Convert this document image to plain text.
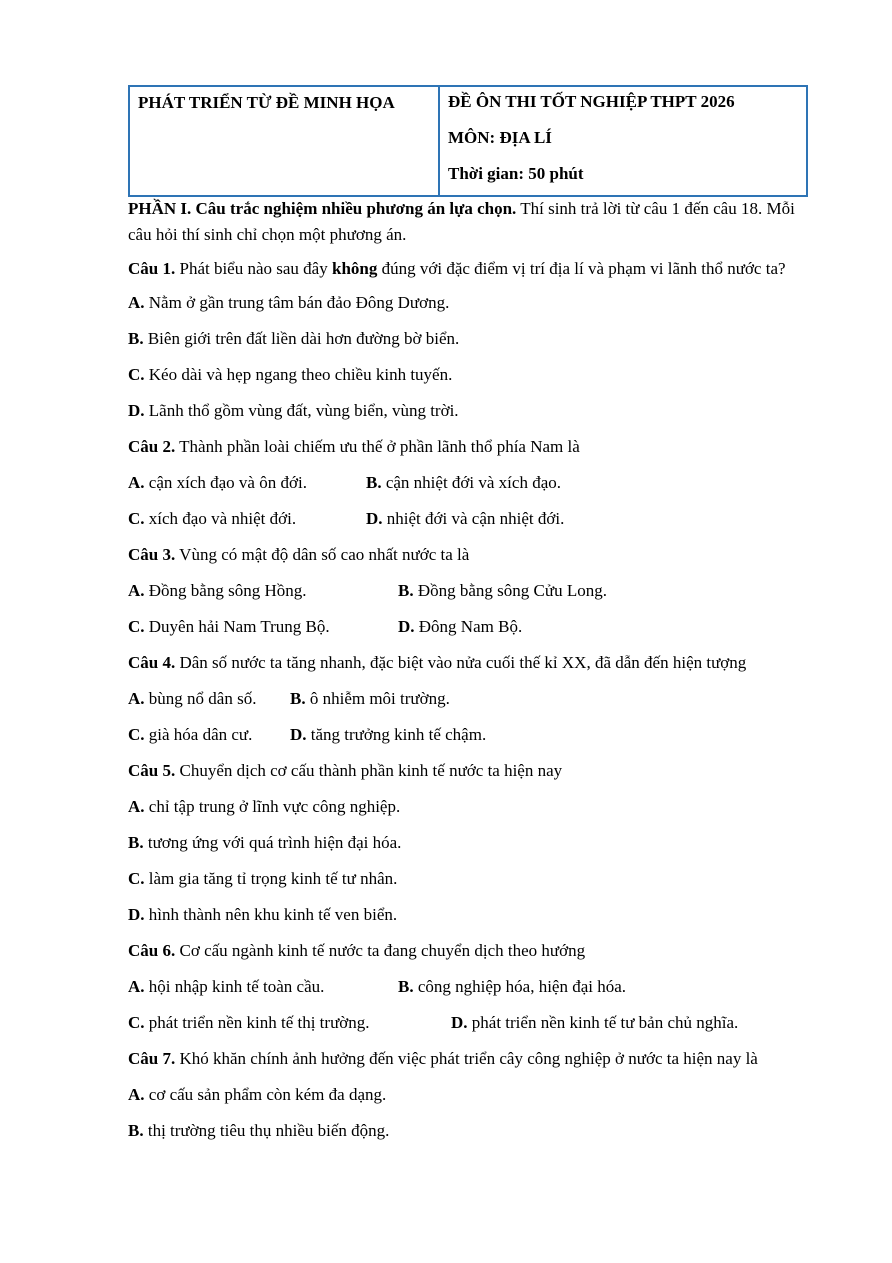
PHÁT TRIỂN TỪ ĐỀ MINH HỌA	ĐỀ ÔN THI TỐT NGHIỆP THPT 2026
MÔN: ĐỊA LÍ
Thời gian: 50 phút

PHẦN I. Câu trắc nghiệm nhiều phương án lựa chọn. Thí sinh trả lời từ câu 1 đến câu 18. Mỗi câu hỏi thí sinh chỉ chọn một phương án.

Câu 1. Phát biểu nào sau đây không đúng với đặc điểm vị trí địa lí và phạm vi lãnh thổ nước ta?

A. Nằm ở gần trung tâm bán đảo Đông Dương.
B. Biên giới trên đất liền dài hơn đường bờ biển.
C. Kéo dài và hẹp ngang theo chiều kinh tuyến.
D. Lãnh thổ gồm vùng đất, vùng biển, vùng trời.
Câu 2. Thành phần loài chiếm ưu thế ở phần lãnh thổ phía Nam là
A. cận xích đạo và ôn đới.	B. cận nhiệt đới và xích đạo.
C. xích đạo và nhiệt đới.	D. nhiệt đới và cận nhiệt đới.
Câu 3. Vùng có mật độ dân số cao nhất nước ta là
A. Đồng bằng sông Hồng.	B. Đồng bằng sông Cửu Long.
C. Duyên hải Nam Trung Bộ.	D. Đông Nam Bộ.
Câu 4. Dân số nước ta tăng nhanh, đặc biệt vào nửa cuối thế kỉ XX, đã dẫn đến hiện tượng
A. bùng nổ dân số. B. ô nhiễm môi trường.
C. già hóa dân cư. D. tăng trưởng kinh tế chậm.
Câu 5. Chuyển dịch cơ cấu thành phần kinh tế nước ta hiện nay
A. chỉ tập trung ở lĩnh vực công nghiệp.
B. tương ứng với quá trình hiện đại hóa.
C. làm gia tăng tỉ trọng kinh tế tư nhân.
D. hình thành nên khu kinh tế ven biển.
Câu 6. Cơ cấu ngành kinh tế nước ta đang chuyển dịch theo hướng
A. hội nhập kinh tế toàn cầu.	B. công nghiệp hóa, hiện đại hóa.
C. phát triển nền kinh tế thị trường.	D. phát triển nền kinh tế tư bản chủ nghĩa.
Câu 7. Khó khăn chính ảnh hưởng đến việc phát triển cây công nghiệp ở nước ta hiện nay là
A. cơ cấu sản phẩm còn kém đa dạng.
B. thị trường tiêu thụ nhiều biến động.
